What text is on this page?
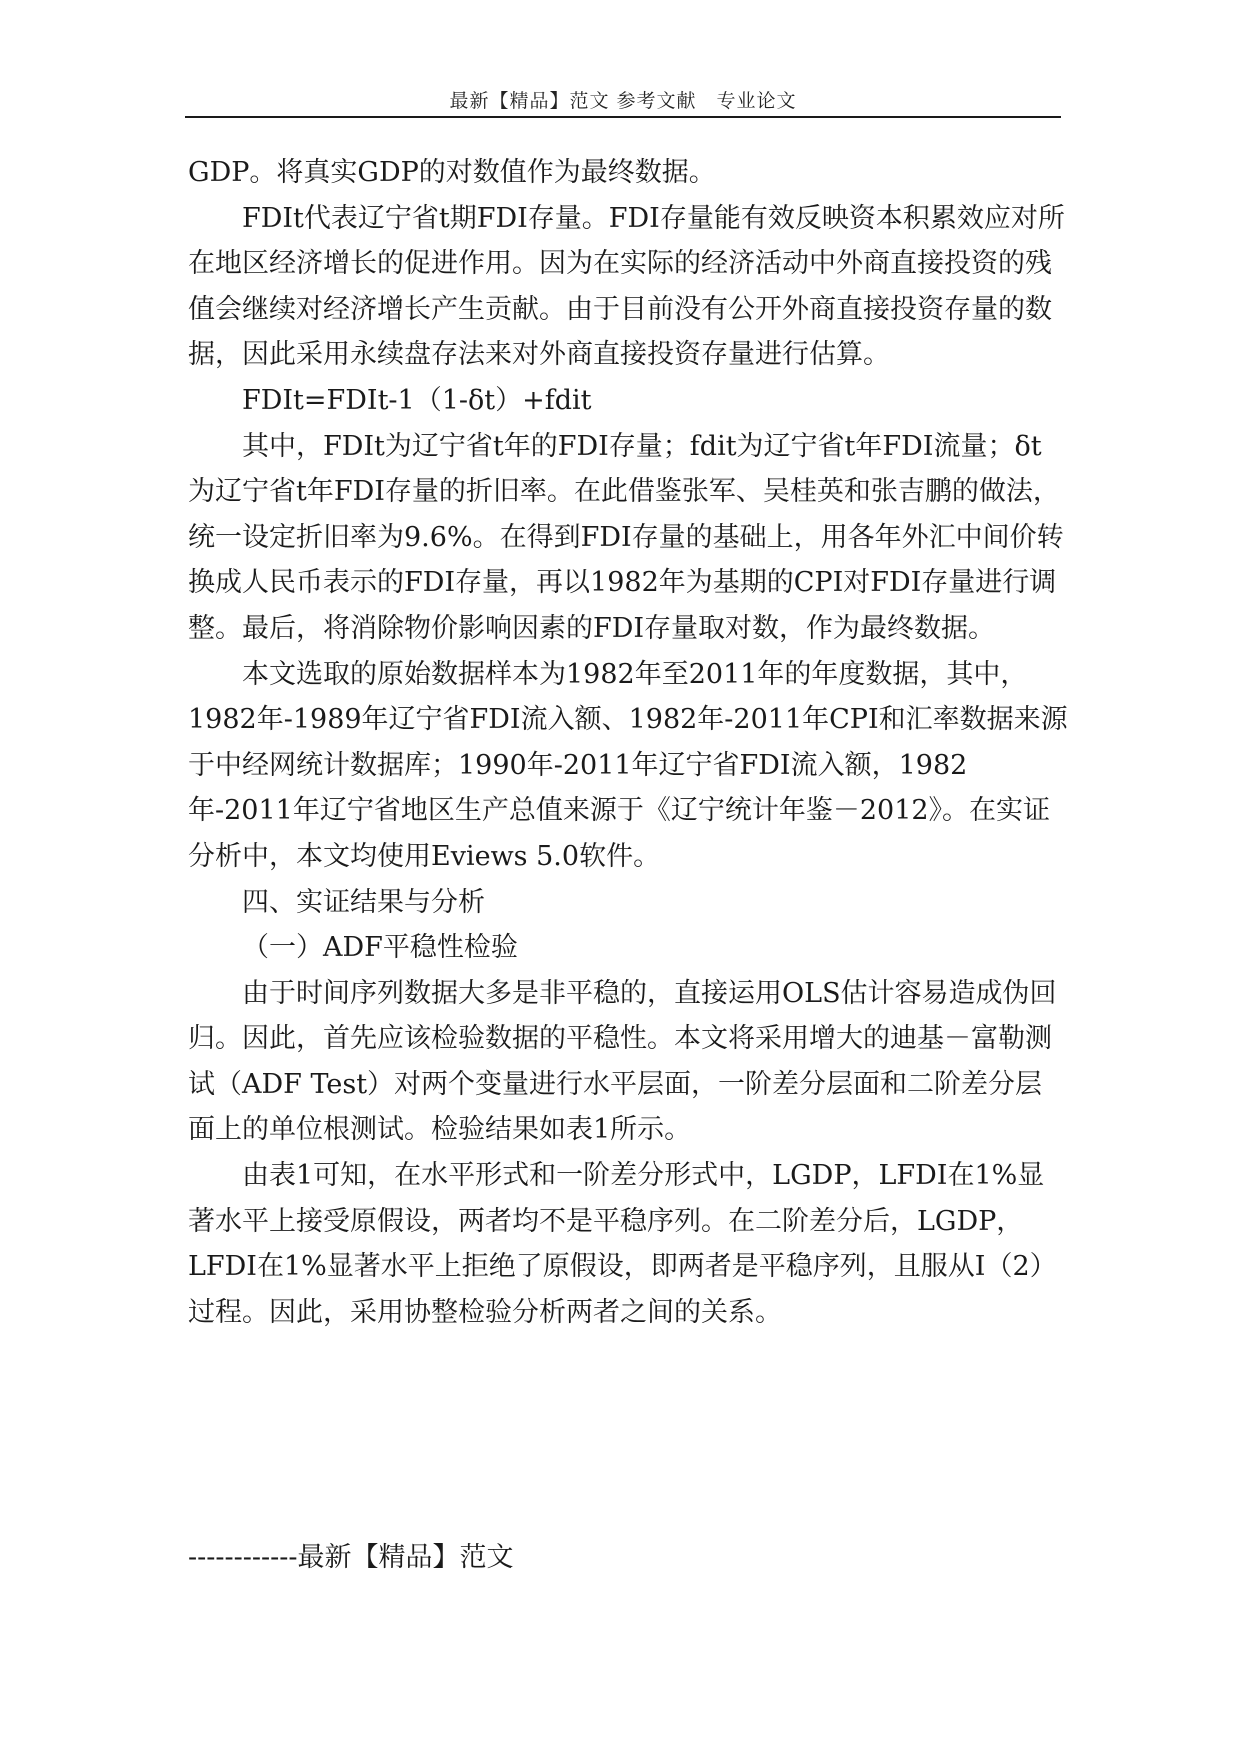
最新【精品】范文 参考文献　专业论文

GDP。将真实GDP的对数值作为最终数据。

FDIt代表辽宁省t期FDI存量。FDI存量能有效反映资本积累效应对所在地区经济增长的促进作用。因为在实际的经济活动中外商直接投资的残值会继续对经济增长产生贡献。由于目前没有公开外商直接投资存量的数据，因此采用永续盘存法来对外商直接投资存量进行估算。

FDIt=FDIt-1（1-δt）+fdit

其中，FDIt为辽宁省t年的FDI存量；fdit为辽宁省t年FDI流量；δt为辽宁省t年FDI存量的折旧率。在此借鉴张军、吴桂英和张吉鹏的做法，统一设定折旧率为9.6%。在得到FDI存量的基础上，用各年外汇中间价转换成人民币表示的FDI存量，再以1982年为基期的CPI对FDI存量进行调整。最后，将消除物价影响因素的FDI存量取对数，作为最终数据。

本文选取的原始数据样本为1982年至2011年的年度数据，其中，1982年-1989年辽宁省FDI流入额、1982年-2011年CPI和汇率数据来源于中经网统计数据库；1990年-2011年辽宁省FDI流入额，1982年-2011年辽宁省地区生产总值来源于《辽宁统计年鉴－2012》。在实证分析中，本文均使用Eviews 5.0软件。

四、实证结果与分析

（一）ADF平稳性检验

由于时间序列数据大多是非平稳的，直接运用OLS估计容易造成伪回归。因此，首先应该检验数据的平稳性。本文将采用增大的迪基－富勒测试（ADF Test）对两个变量进行水平层面，一阶差分层面和二阶差分层面上的单位根测试。检验结果如表1所示。

由表1可知，在水平形式和一阶差分形式中，LGDP，LFDI在1%显著水平上接受原假设，两者均不是平稳序列。在二阶差分后，LGDP，LFDI在1%显著水平上拒绝了原假设，即两者是平稳序列，且服从I（2）过程。因此，采用协整检验分析两者之间的关系。

------------最新【精品】范文
